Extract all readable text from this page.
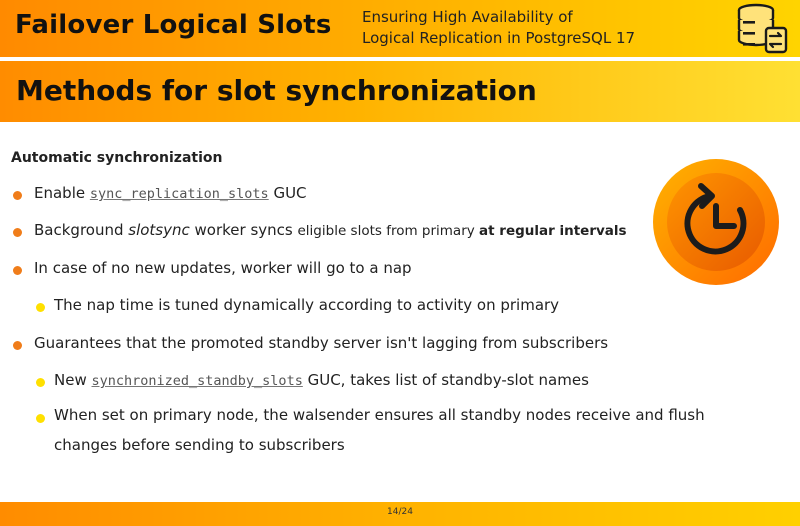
Failover Logical Slots Ensuring High Availability of
Logical Replication in PostgreSQL 17
Methods for slot synchronization
Automatic synchronization
Enable sync_replication_slots GUC
Background slotsync worker syncs eligible slots from primary at regular intervals
In case of no new updates, worker will go to a nap
The nap time is tuned dynamically according to activity on primary
Guarantees that the promoted standby server isn't lagging from subscribers
New synchronized_standby_slots GUC, takes list of standby-slot names
When set on primary node, the walsender ensures all standby nodes receive and flush changes before sending to subscribers
14/24
